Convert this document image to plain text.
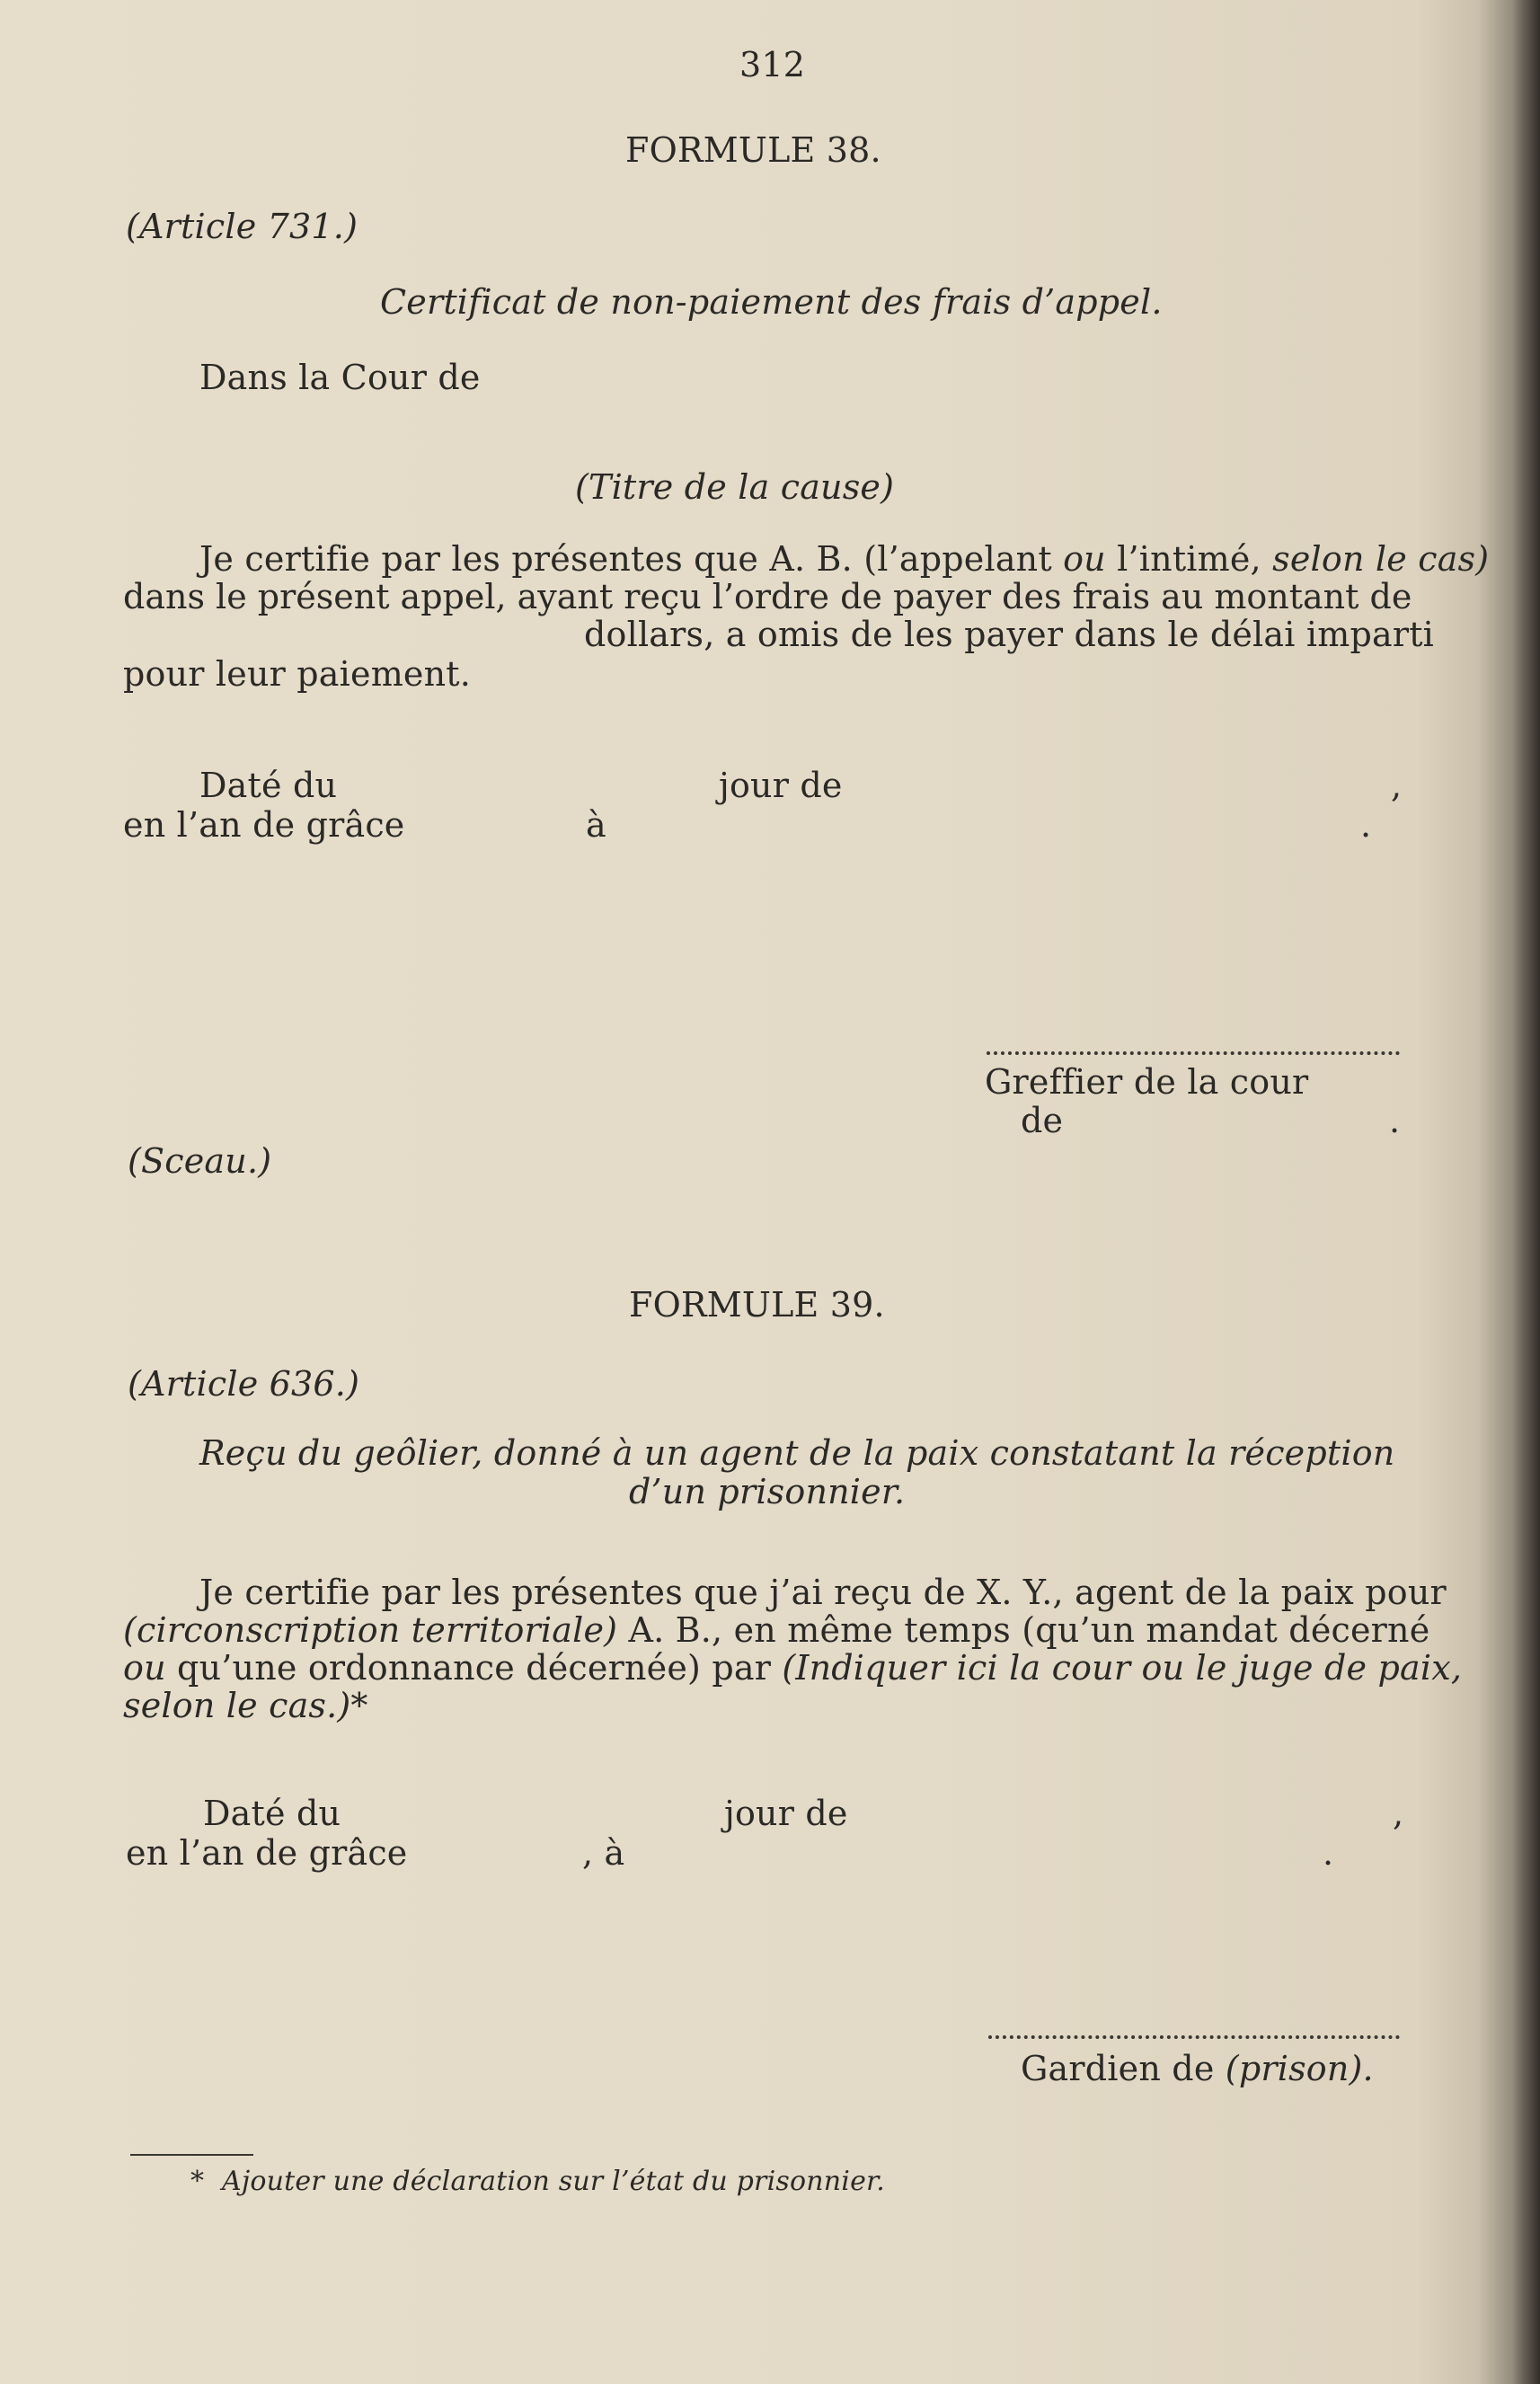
312
FORMULE 38.
(Article 731.)
Certificat de non-paiement des frais d’appel.
Dans la Cour de
(Titre de la cause)
Je certifie par les présentes que A. B. (l’appelant ou l’intimé, selon le cas)
dans le présent appel, ayant reçu l’ordre de payer des frais au montant de
dollars, a omis de les payer dans le délai imparti
pour leur paiement.
Daté du	jour de	,
en l’an de grâce	à	.
Greffier de la cour
de	.
(Sceau.)
FORMULE 39.
(Article 636.)
Reçu du geôlier, donné à un agent de la paix constatant la réception
d’un prisonnier.
Je certifie par les présentes que j’ai reçu de X. Y., agent de la paix pour
(circonscription territoriale) A. B., en même temps (qu’un mandat décerné
ou qu’une ordonnance décernée) par (Indiquer ici la cour ou le juge de paix,
selon le cas.)*
Daté du	jour de	,
en l’an de grâce	, à	.
Gardien de (prison).
* Ajouter une déclaration sur l’état du prisonnier.
